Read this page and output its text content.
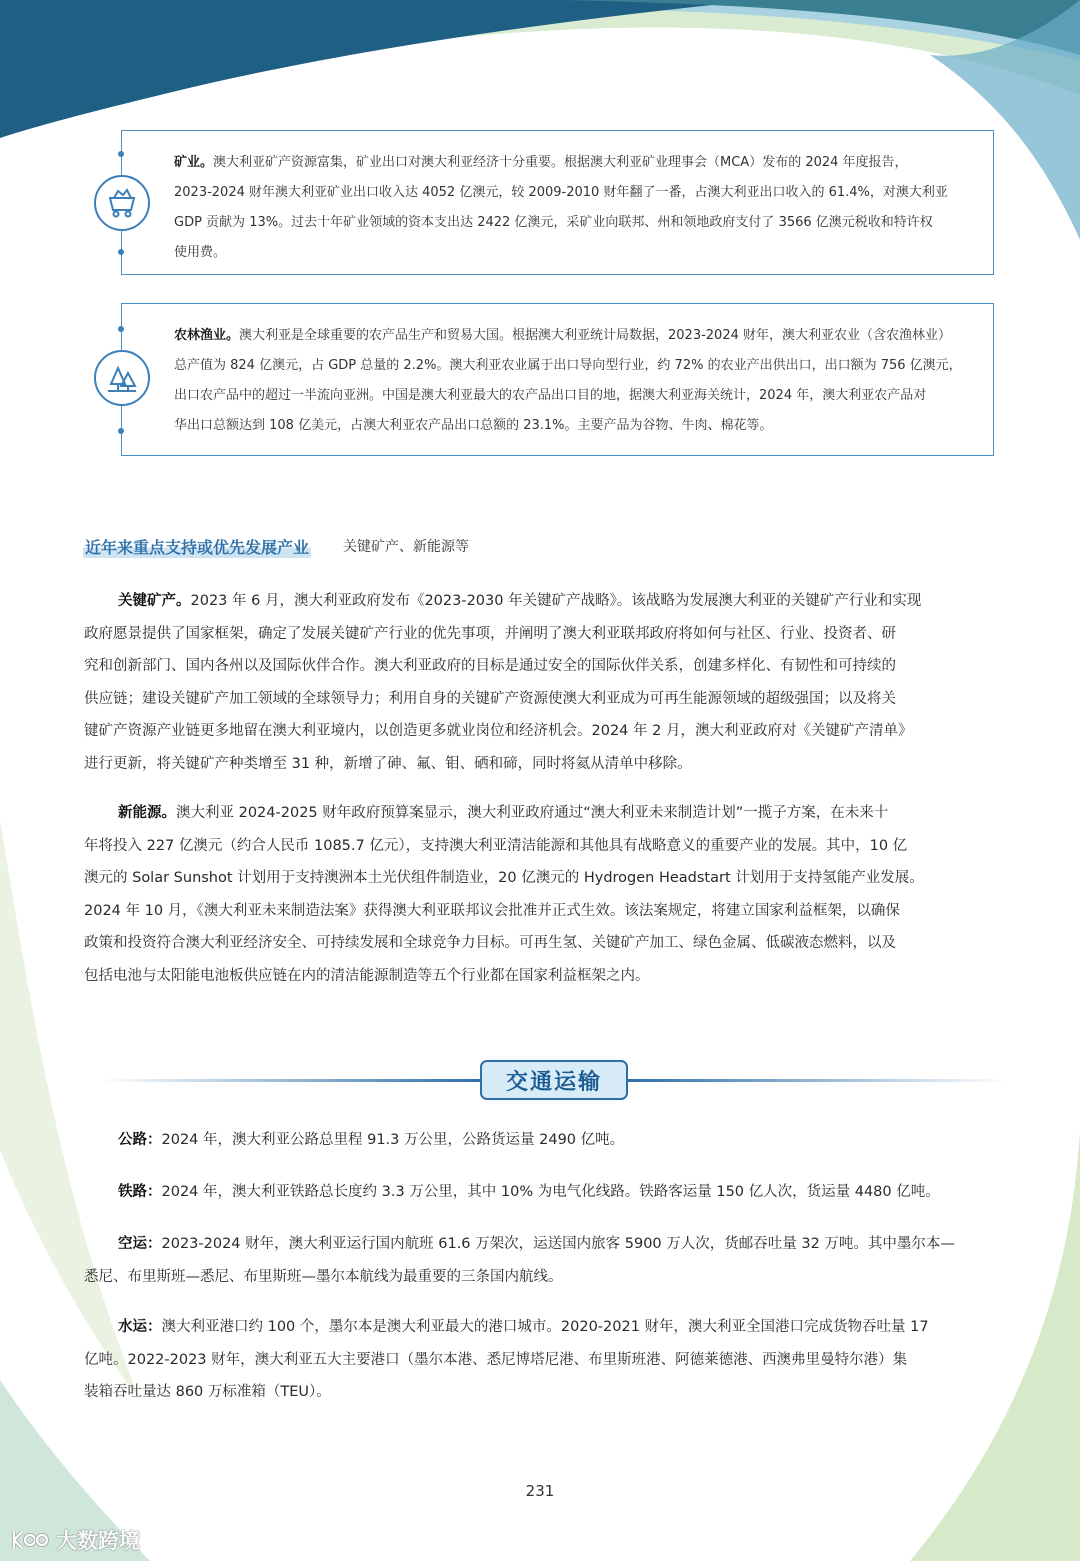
矿业。澳大利亚矿产资源富集，矿业出口对澳大利亚经济十分重要。根据澳大利亚矿业理事会（MCA）发布的 2024 年度报告，
2023-2024 财年澳大利亚矿业出口收入达 4052 亿澳元，较 2009-2010 财年翻了一番，占澳大利亚出口收入的 61.4%，对澳大利亚
GDP 贡献为 13%。过去十年矿业领域的资本支出达 2422 亿澳元，采矿业向联邦、州和领地政府支付了 3566 亿澳元税收和特许权
使用费。
农林渔业。澳大利亚是全球重要的农产品生产和贸易大国。根据澳大利亚统计局数据，2023-2024 财年，澳大利亚农业（含农渔林业）
总产值为 824 亿澳元，占 GDP 总量的 2.2%。澳大利亚农业属于出口导向型行业，约 72% 的农业产出供出口，出口额为 756 亿澳元，
出口农产品中的超过一半流向亚洲。中国是澳大利亚最大的农产品出口目的地，据澳大利亚海关统计，2024 年，澳大利亚农产品对
华出口总额达到 108 亿美元，占澳大利亚农产品出口总额的 23.1%。主要产品为谷物、牛肉、棉花等。
近年来重点支持或优先发展产业 关键矿产、新能源等
关键矿产。2023 年 6 月，澳大利亚政府发布《2023-2030 年关键矿产战略》。该战略为发展澳大利亚的关键矿产行业和实现
政府愿景提供了国家框架，确定了发展关键矿产行业的优先事项，并阐明了澳大利亚联邦政府将如何与社区、行业、投资者、研
究和创新部门、国内各州以及国际伙伴合作。澳大利亚政府的目标是通过安全的国际伙伴关系，创建多样化、有韧性和可持续的
供应链；建设关键矿产加工领域的全球领导力；利用自身的关键矿产资源使澳大利亚成为可再生能源领域的超级强国；以及将关
键矿产资源产业链更多地留在澳大利亚境内，以创造更多就业岗位和经济机会。2024 年 2 月，澳大利亚政府对《关键矿产清单》
进行更新，将关键矿产种类增至 31 种，新增了砷、氟、钼、硒和碲，同时将氦从清单中移除。
新能源。澳大利亚 2024-2025 财年政府预算案显示，澳大利亚政府通过“澳大利亚未来制造计划”一揽子方案，在未来十
年将投入 227 亿澳元（约合人民币 1085.7 亿元），支持澳大利亚清洁能源和其他具有战略意义的重要产业的发展。其中，10 亿
澳元的 Solar Sunshot 计划用于支持澳洲本土光伏组件制造业，20 亿澳元的 Hydrogen Headstart 计划用于支持氢能产业发展。
2024 年 10 月，《澳大利亚未来制造法案》获得澳大利亚联邦议会批准并正式生效。该法案规定，将建立国家利益框架，以确保
政策和投资符合澳大利亚经济安全、可持续发展和全球竞争力目标。可再生氢、关键矿产加工、绿色金属、低碳液态燃料，以及
包括电池与太阳能电池板供应链在内的清洁能源制造等五个行业都在国家利益框架之内。
交通运输
公路：2024 年，澳大利亚公路总里程 91.3 万公里，公路货运量 2490 亿吨。
铁路：2024 年，澳大利亚铁路总长度约 3.3 万公里，其中 10% 为电气化线路。铁路客运量 150 亿人次，货运量 4480 亿吨。
空运：2023-2024 财年，澳大利亚运行国内航班 61.6 万架次，运送国内旅客 5900 万人次，货邮吞吐量 32 万吨。其中墨尔本—
悉尼、布里斯班—悉尼、布里斯班—墨尔本航线为最重要的三条国内航线。
水运：澳大利亚港口约 100 个，墨尔本是澳大利亚最大的港口城市。2020-2021 财年，澳大利亚全国港口完成货物吞吐量 17
亿吨。2022-2023 财年，澳大利亚五大主要港口（墨尔本港、悉尼博塔尼港、布里斯班港、阿德莱德港、西澳弗里曼特尔港）集
装箱吞吐量达 860 万标准箱（TEU）。
231
大数跨境
